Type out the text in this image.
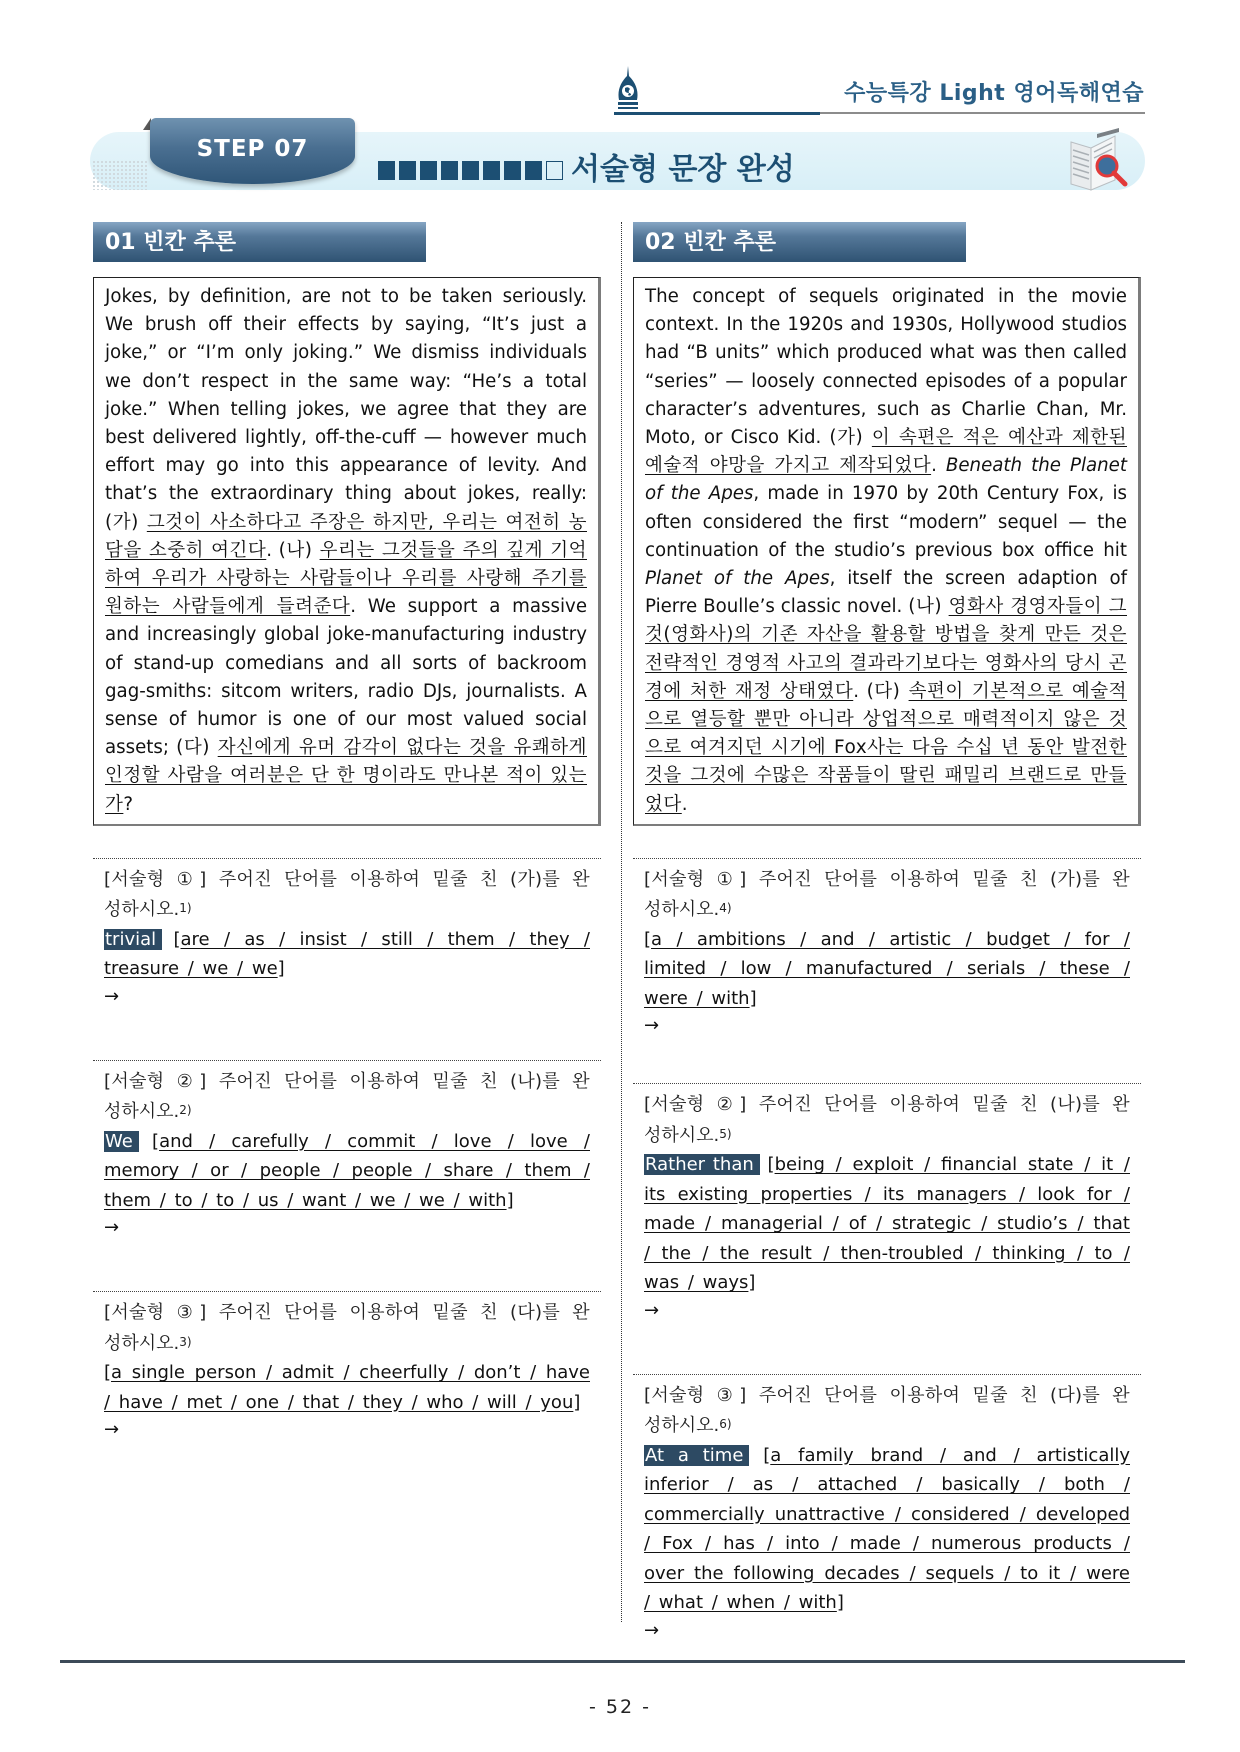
수능특강 Light 영어독해연습
STEP 07
서술형 문장 완성
01 빈칸 추론
Jokes, by definition, are not to be taken seriously. We brush off their effects by saying, “It’s just a joke,” or “I’m only joking.” We dismiss individuals we don’t respect in the same way: “He’s a total joke.” When telling jokes, we agree that they are best delivered lightly, off-the-cuff — however much effort may go into this appearance of levity. And that’s the extraordinary thing about jokes, really: (가) 그것이 사소하다고 주장은 하지만, 우리는 여전히 농담을 소중히 여긴다. (나) 우리는 그것들을 주의 깊게 기억하여 우리가 사랑하는 사람들이나 우리를 사랑해 주기를 원하는 사람들에게 들려준다. We support a massive and increasingly global joke-manufacturing industry of stand-up comedians and all sorts of backroom gag-smiths: sitcom writers, radio DJs, journalists. A sense of humor is one of our most valued social assets; (다) 자신에게 유머 감각이 없다는 것을 유쾌하게 인정할 사람을 여러분은 단 한 명이라도 만나본 적이 있는가?
[서술형 ①] 주어진 단어를 이용하여 밑줄 친 (가)를 완
성하시오.1)
trivial [are / as / insist / still / them / they / treasure / we / we]
→
[서술형 ②] 주어진 단어를 이용하여 밑줄 친 (나)를 완
성하시오.2)
We [and / carefully / commit / love / love / memory / or / people / people / share / them / them / to / to / us / want / we / we / with]
→
[서술형 ③] 주어진 단어를 이용하여 밑줄 친 (다)를 완
성하시오.3)
[a single person / admit / cheerfully / don’t / have / have / met / one / that / they / who / will / you]
→
02 빈칸 추론
The concept of sequels originated in the movie context. In the 1920s and 1930s, Hollywood studios had “B units” which produced what was then called “series” — loosely connected episodes of a popular character’s adventures, such as Charlie Chan, Mr. Moto, or Cisco Kid. (가) 이 속편은 적은 예산과 제한된 예술적 야망을 가지고 제작되었다. Beneath the Planet of the Apes, made in 1970 by 20th Century Fox, is often considered the first “modern” sequel — the continuation of the studio’s previous box office hit Planet of the Apes, itself the screen adaption of Pierre Boulle’s classic novel. (나) 영화사 경영자들이 그것(영화사)의 기존 자산을 활용할 방법을 찾게 만든 것은 전략적인 경영적 사고의 결과라기보다는 영화사의 당시 곤경에 처한 재정 상태였다. (다) 속편이 기본적으로 예술적으로 열등할 뿐만 아니라 상업적으로 매력적이지 않은 것으로 여겨지던 시기에 Fox사는 다음 수십 년 동안 발전한 것을 그것에 수많은 작품들이 딸린 패밀리 브랜드로 만들었다.
[서술형 ①] 주어진 단어를 이용하여 밑줄 친 (가)를 완
성하시오.4)
[a / ambitions / and / artistic / budget / for / limited / low / manufactured / serials / these / were / with]
→
[서술형 ②] 주어진 단어를 이용하여 밑줄 친 (나)를 완
성하시오.5)
Rather than [being / exploit / financial state / it / its existing properties / its managers / look for / made / managerial / of / strategic / studio’s / that / the / the result / then-troubled / thinking / to / was / ways]
→
[서술형 ③] 주어진 단어를 이용하여 밑줄 친 (다)를 완
성하시오.6)
At a time [a family brand / and / artistically inferior / as / attached / basically / both / commercially unattractive / considered / developed / Fox / has / into / made / numerous products / over the following decades / sequels / to it / were / what / when / with]
→
- 52 -
